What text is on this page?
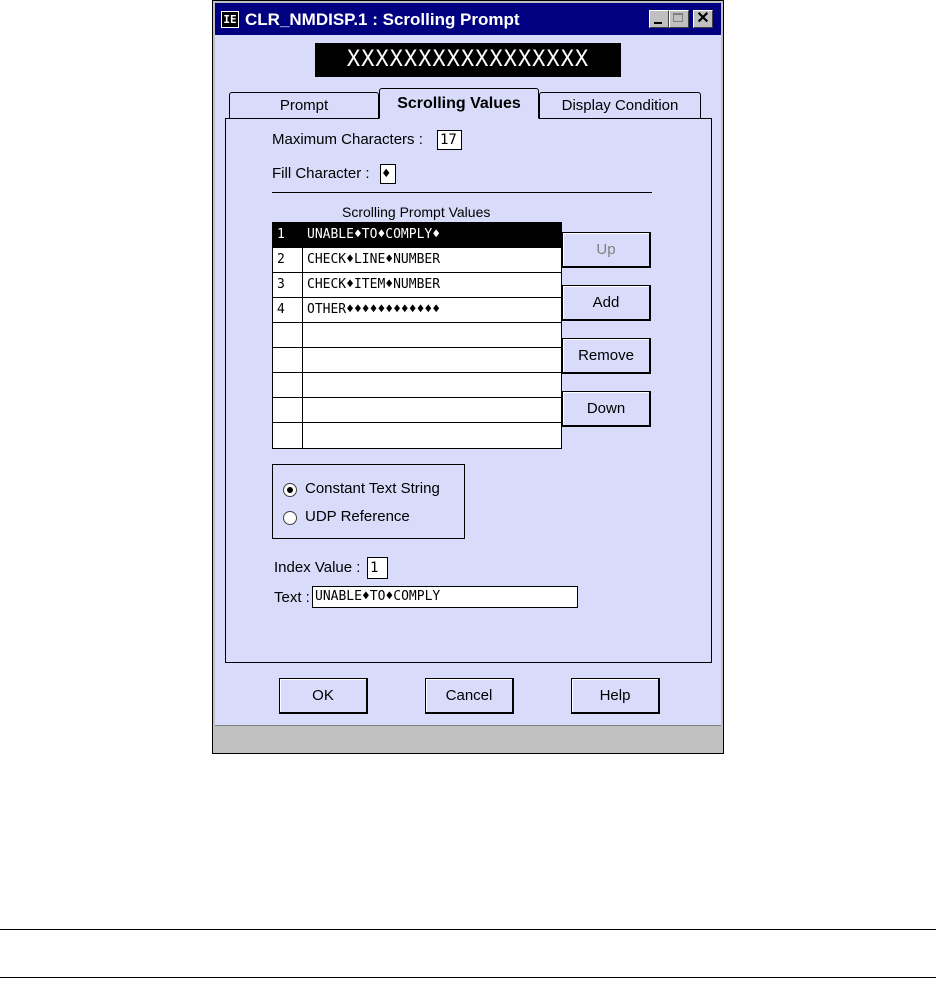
IE CLR_NMDISP.1 : Scrolling Prompt	✕
XXXXXXXXXXXXXXXXX
Prompt	Scrolling Values	Display Condition
Maximum Characters : 17
Fill Character : ♦
Scrolling Prompt Values
1	UNABLE♦TO♦COMPLY♦
2	CHECK♦LINE♦NUMBER
3	CHECK♦ITEM♦NUMBER
4	OTHER♦♦♦♦♦♦♦♦♦♦♦♦
Up
Add
Remove
Down
Constant Text String
UDP Reference
Index Value : 1
Text : UNABLE♦TO♦COMPLY
OK	Cancel	Help
